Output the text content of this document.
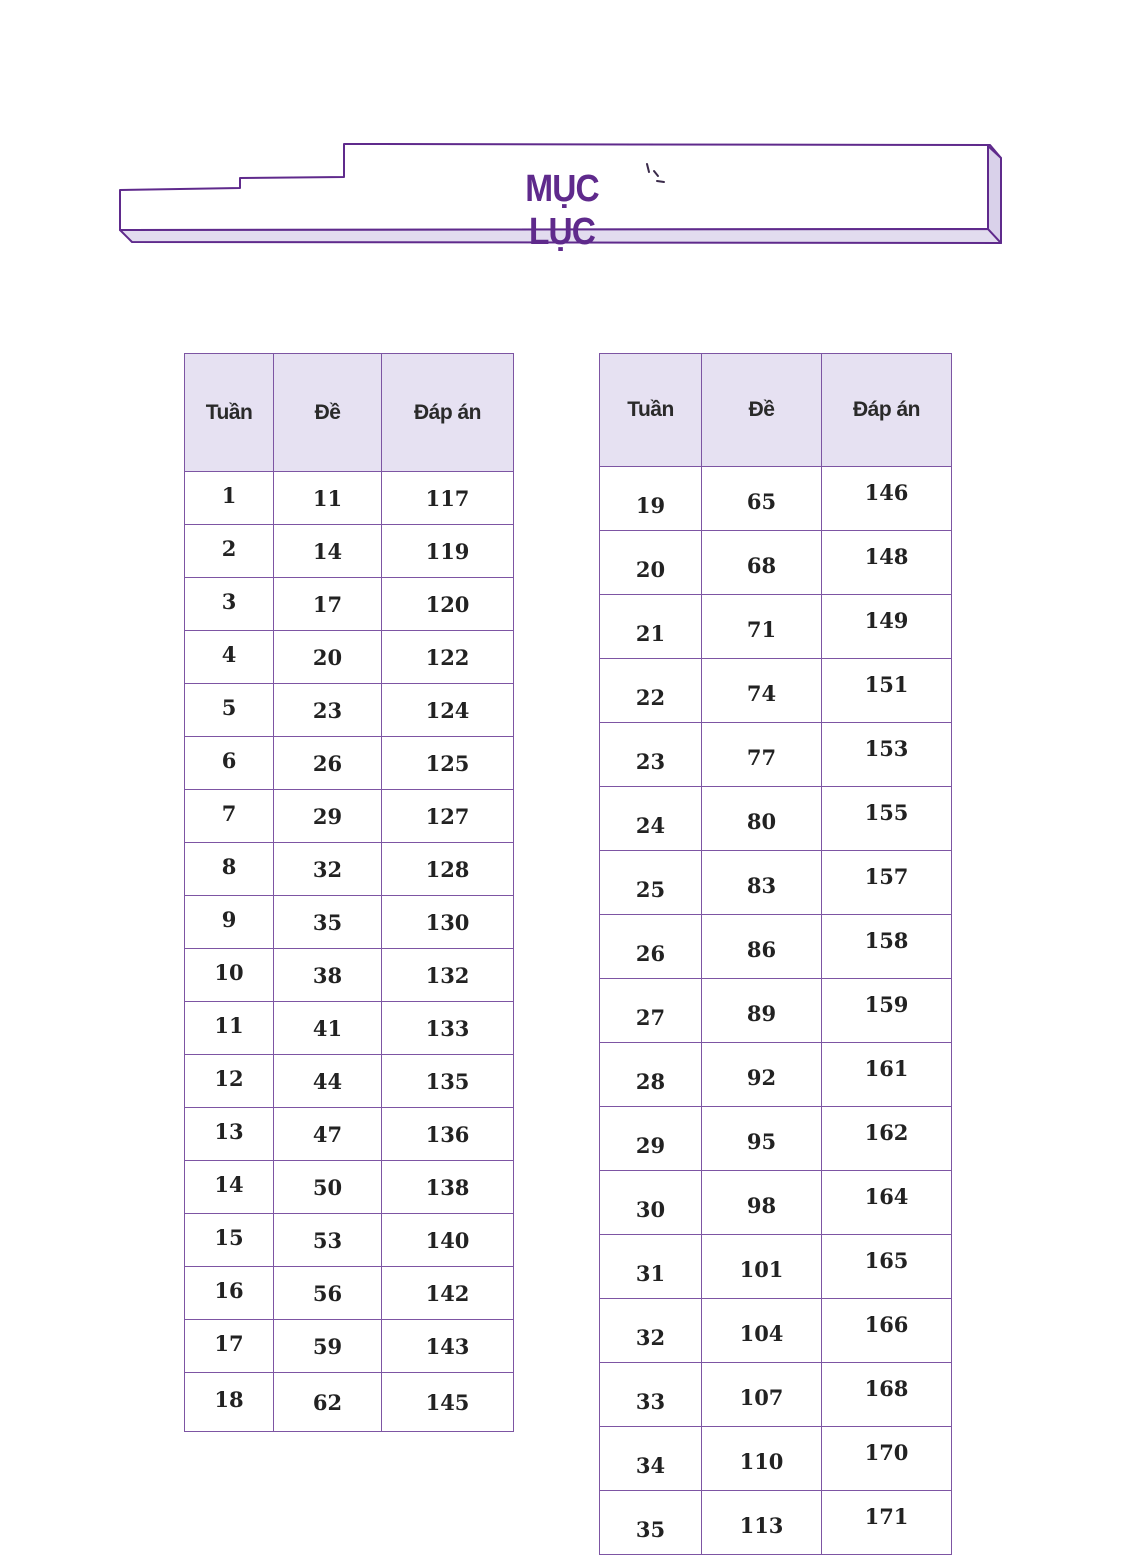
MỤC LỤC
Tuần	Đề	Đáp án
1	11	117
2	14	119
3	17	120
4	20	122
5	23	124
6	26	125
7	29	127
8	32	128
9	35	130
10	38	132
11	41	133
12	44	135
13	47	136
14	50	138
15	53	140
16	56	142
17	59	143
18	62	145
Tuần	Đề	Đáp án
19	65	146
20	68	148
21	71	149
22	74	151
23	77	153
24	80	155
25	83	157
26	86	158
27	89	159
28	92	161
29	95	162
30	98	164
31	101	165
32	104	166
33	107	168
34	110	170
35	113	171
